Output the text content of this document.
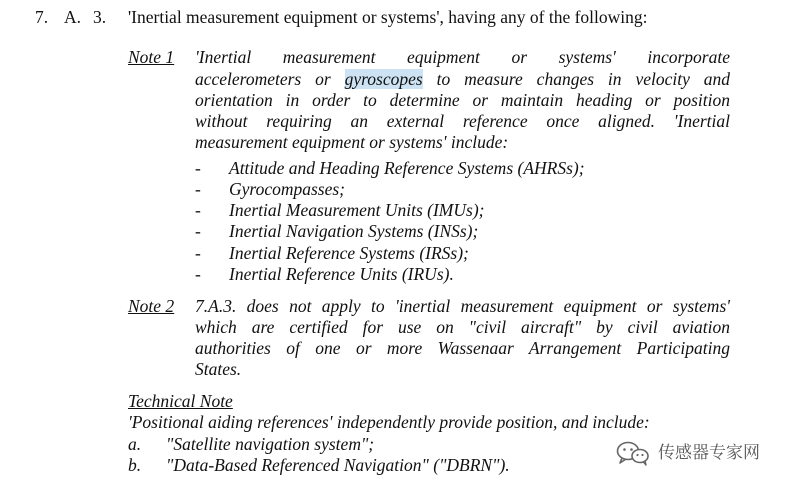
7. A. 3. 'Inertial measurement equipment or systems', having any of the following:
Note 1 'Inertial measurement equipment or systems' incorporate
accelerometers or gyroscopes to measure changes in velocity and
orientation in order to determine or maintain heading or position
without requiring an external reference once aligned. 'Inertial
measurement equipment or systems' include:
-	Attitude and Heading Reference Systems (AHRSs);
-	Gyrocompasses;
-	Inertial Measurement Units (IMUs);
-	Inertial Navigation Systems (INSs);
-	Inertial Reference Systems (IRSs);
-	Inertial Reference Units (IRUs).
Note 2 7.A.3. does not apply to 'inertial measurement equipment or systems'
which are certified for use on "civil aircraft" by civil aviation
authorities of one or more Wassenaar Arrangement Participating
States.
Technical Note
'Positional aiding references' independently provide position, and include:
a. "Satellite navigation system";
b. "Data-Based Referenced Navigation" ("DBRN").
传感器专家网
